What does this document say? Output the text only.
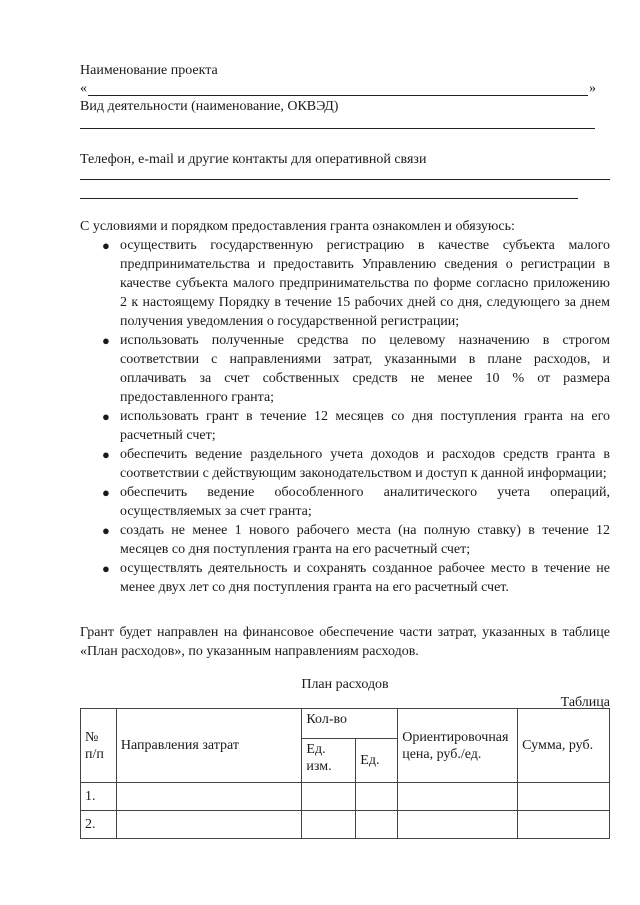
Наименование проекта
«	»
Вид деятельности (наименование, ОКВЭД)
Телефон, e-mail и другие контакты для оперативной связи
С условиями и порядком предоставления гранта ознакомлен и обязуюсь:
● осуществить государственную регистрацию в качестве субъекта малого предпринимательства и предоставить Управлению сведения о регистрации в качестве субъекта малого предпринимательства по форме согласно приложению 2 к настоящему Порядку в течение 15 рабочих дней со дня, следующего за днем получения уведомления о государственной регистрации;
● использовать полученные средства по целевому назначению в строгом соответствии с направлениями затрат, указанными в плане расходов, и оплачивать за счет собственных средств не менее 10 % от размера предоставленного гранта;
● использовать грант в течение 12 месяцев со дня поступления гранта на его расчетный счет;
● обеспечить ведение раздельного учета доходов и расходов средств гранта в соответствии с действующим законодательством и доступ к данной информации;
● обеспечить ведение обособленного аналитического учета операций, осуществляемых за счет гранта;
● создать не менее 1 нового рабочего места (на полную ставку) в течение 12 месяцев со дня поступления гранта на его расчетный счет;
● осуществлять деятельность и сохранять созданное рабочее место в течение не менее двух лет со дня поступления гранта на его расчетный счет.
Грант будет направлен на финансовое обеспечение части затрат, указанных в таблице «План расходов», по указанным направлениям расходов.
План расходов
Таблица
№ п/п	Направления затрат	Кол-во		Ориентировочная цена, руб./ед.	Сумма, руб.
		Ед. изм.	Ед.		
1.					
2.					
